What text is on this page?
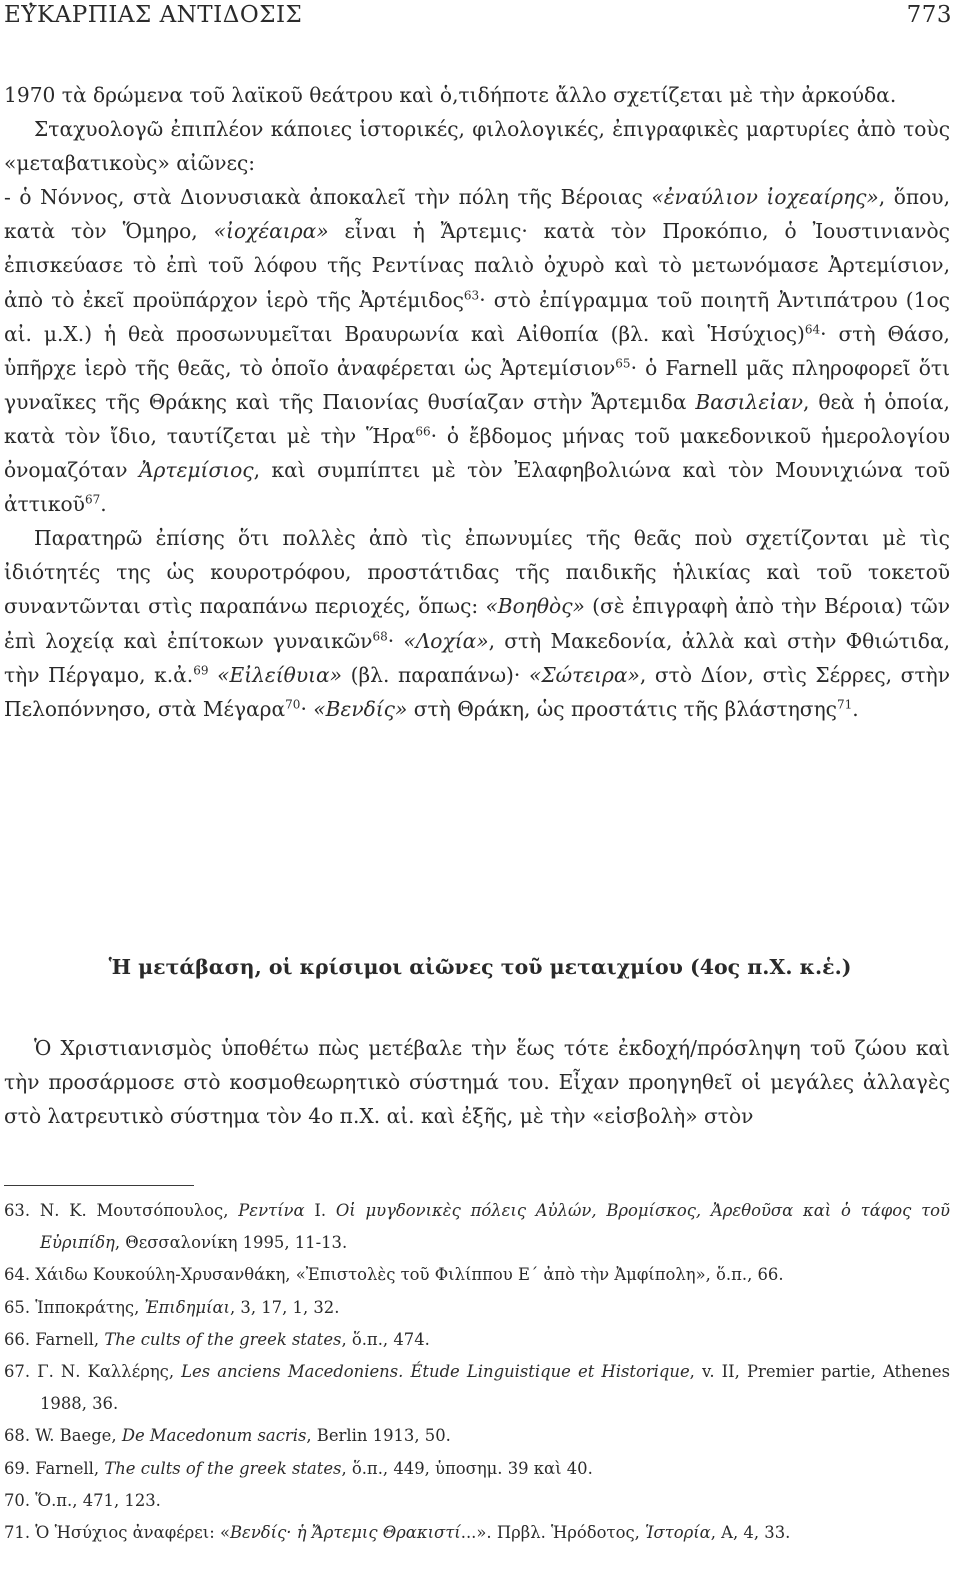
ΕΥ̓ΚΑΡΠΙΑΣ ΑΝΤΙΔΟΣΙΣ	773

1970 τὰ δρώμενα τοῦ λαϊκοῦ θεάτρου καὶ ὁ,τιδήποτε ἄλλο σχετίζεται μὲ τὴν ἀρκούδα.

Σταχυολογῶ ἐπιπλέον κάποιες ἱστορικές, φιλολογικές, ἐπιγραφικὲς μαρτυρίες ἀπὸ τοὺς «μεταβατικοὺς» αἰῶνες:

- ὁ Νόννος, στὰ Διονυσιακὰ ἀποκαλεῖ τὴν πόλη τῆς Βέροιας «ἐναύλιον ἰοχεαίρης», ὅπου, κατὰ τὸν Ὅμηρο, «ἰοχέαιρα» εἶναι ἡ Ἄρτεμις· κατὰ τὸν Προκόπιο, ὁ Ἰουστινιανὸς ἐπισκεύασε τὸ ἐπὶ τοῦ λόφου τῆς Ρεντίνας παλιὸ ὀχυρὸ καὶ τὸ μετωνόμασε Ἀρτεμίσιον, ἀπὸ τὸ ἐκεῖ προϋπάρχον ἱερὸ τῆς Ἀρτέμιδος$^{63}$· στὸ ἐπίγραμμα τοῦ ποιητῆ Ἀντιπάτρου (1ος αἰ. μ.Χ.) ἡ θεὰ προσωνυμεῖται Βραυρωνία καὶ Αἰθοπία (βλ. καὶ Ἡσύχιος)$^{64}$· στὴ Θάσο, ὑπῆρχε ἱερὸ τῆς θεᾶς, τὸ ὁποῖο ἀναφέρεται ὡς Ἀρτεμίσιον$^{65}$· ὁ Farnell μᾶς πληροφορεῖ ὅτι γυναῖκες τῆς Θράκης καὶ τῆς Παιονίας θυσίαζαν στὴν Ἄρτεμιδα Βασιλεἰαν, θεὰ ἡ ὁποία, κατὰ τὸν ἴδιο, ταυτίζεται μὲ τὴν Ἥρα$^{66}$· ὁ ἔβδομος μήνας τοῦ μακεδονικοῦ ἡμερολογίου ὀνομαζόταν Ἀρτεμίσιος, καὶ συμπίπτει μὲ τὸν Ἐλαφηβολιώνα καὶ τὸν Μουνιχιώνα τοῦ ἀττικοῦ$^{67}$.

Παρατηρῶ ἐπίσης ὅτι πολλὲς ἀπὸ τὶς ἐπωνυμίες τῆς θεᾶς ποὺ σχετίζονται μὲ τὶς ἰδιότητές της ὡς κουροτρόφου, προστάτιδας τῆς παιδικῆς ἡλικίας καὶ τοῦ τοκετοῦ συναντῶνται στὶς παραπάνω περιοχές, ὅπως: «Βοηθὸς» (σὲ ἐπιγραφὴ ἀπὸ τὴν Βέροια) τῶν ἐπὶ λοχείᾳ καὶ ἐπίτοκων γυναικῶν$^{68}$· «Λοχία», στὴ Μακεδονία, ἀλλὰ καὶ στὴν Φθιώτιδα, τὴν Πέργαμο, κ.ἀ.$^{69}$ «Εἰλείθυια» (βλ. παραπάνω)· «Σώτειρα», στὸ Δίον, στὶς Σέρρες, στὴν Πελοπόννησο, στὰ Μέγαρα$^{70}$· «Βενδίς» στὴ Θράκη, ὡς προστάτις τῆς βλάστησης$^{71}$.

Ἡ μετάβαση, οἱ κρίσιμοι αἰῶνες τοῦ μεταιχμίου (4ος π.Χ. κ.ἑ.)

Ὁ Χριστιανισμὸς ὑποθέτω πὼς μετέβαλε τὴν ἕως τότε ἐκδοχή/πρόσληψη τοῦ ζώου καὶ τὴν προσάρμοσε στὸ κοσμοθεωρητικὸ σύστημά του. Εἶχαν προηγηθεῖ οἱ μεγάλες ἀλλαγὲς στὸ λατρευτικὸ σύστημα τὸν 4ο π.Χ. αἰ. καὶ ἐξῆς, μὲ τὴν «εἰσβολὴ» στὸν

63. Ν. Κ. Μουτσόπουλος, Ρεντίνα Ι. Οἱ μυγδονικὲς πόλεις Αὐλών, Βρομίσκος, Ἀρεθοῦσα καὶ ὁ τάφος τοῦ Εὐριπίδη, Θεσσαλονίκη 1995, 11-13.
64. Χάιδω Κουκούλη-Χρυσανθάκη, «Ἐπιστολὲς τοῦ Φιλίππου Ε´ ἀπὸ τὴν Ἀμφίπολη», ὅ.π., 66.
65. Ἱπποκράτης, Ἐπιδημίαι, 3, 17, 1, 32.
66. Farnell, The cults of the greek states, ὅ.π., 474.
67. Γ. Ν. Καλλέρης, Les anciens Macedoniens. Étude Linguistique et Historique, v. II, Premier partie, Athenes 1988, 36.
68. W. Baege, De Macedonum sacris, Berlin 1913, 50.
69. Farnell, The cults of the greek states, ὅ.π., 449, ὑποσημ. 39 καὶ 40.
70. Ὅ.π., 471, 123.
71. Ὁ Ἡσύχιος ἀναφέρει: «Βενδίς· ἡ Ἄρτεμις Θρακιστί...». Πρβλ. Ἡρόδοτος, Ἱστορία, Α, 4, 33.
